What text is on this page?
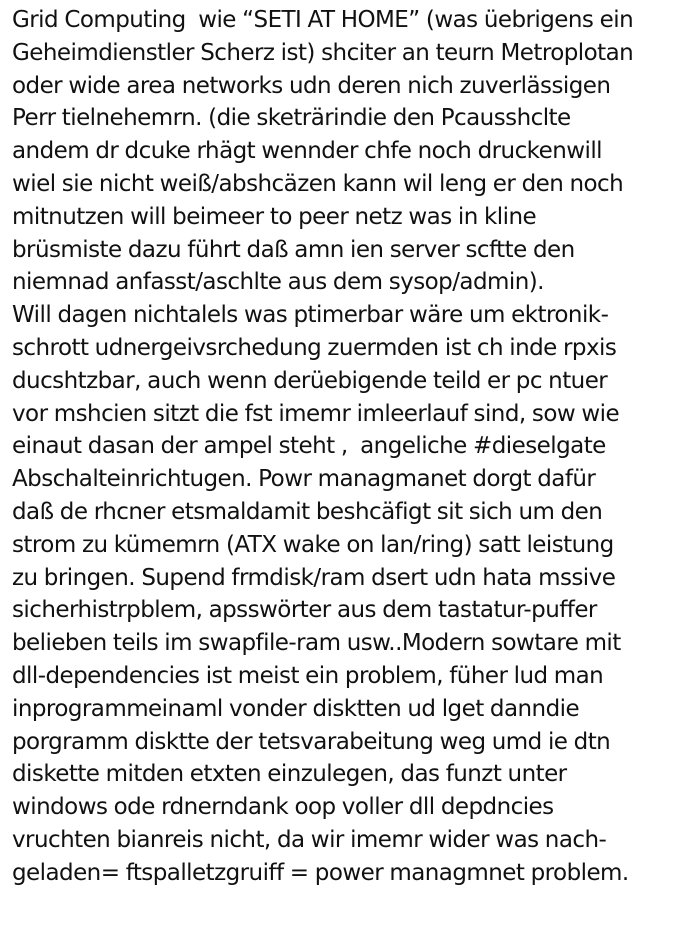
Grid Computing  wie “SETI AT HOME” (was üebrigens ein
Geheimdienstler Scherz ist) shciter an teurn Metroplotan
oder wide area networks udn deren nich zuverlässigen
Perr tielnehemrn. (die sketrärindie den Pcausshclte
andem dr dcuke rhägt wennder chfe noch druckenwill
wiel sie nicht weiß/abshcäzen kann wil leng er den noch
mitnutzen will beimeer to peer netz was in kline
brüsmiste dazu führt daß amn ien server scftte den
niemnad anfasst/aschlte aus dem sysop/admin).
Will dagen nichtalels was ptimerbar wäre um ektronik-
schrott udnergeivsrchedung zuermden ist ch inde rpxis
ducshtzbar, auch wenn derüebigende teild er pc ntuer
vor mshcien sitzt die fst imemr imleerlauf sind, sow wie
einaut dasan der ampel steht ,  angeliche #dieselgate
Abschalteinrichtugen. Powr managmanet dorgt dafür
daß de rhcner etsmaldamit beshcäfigt sit sich um den
strom zu kümemrn (ATX wake on lan/ring) satt leistung
zu bringen. Supend frmdisk/ram dsert udn hata mssive
sicherhistrpblem, apsswörter aus dem tastatur-puffer
belieben teils im swapfile-ram usw..Modern sowtare mit
dll-dependencies ist meist ein problem, füher lud man
inprogrammeinaml vonder disktten ud lget danndie
porgramm disktte der tetsvarabeitung weg umd ie dtn
diskette mitden etxten einzulegen, das funzt unter
windows ode rdnerndank oop voller dll depdncies
vruchten bianreis nicht, da wir imemr wider was nach-
geladen= ftspalletzgruiff = power managmnet problem.
